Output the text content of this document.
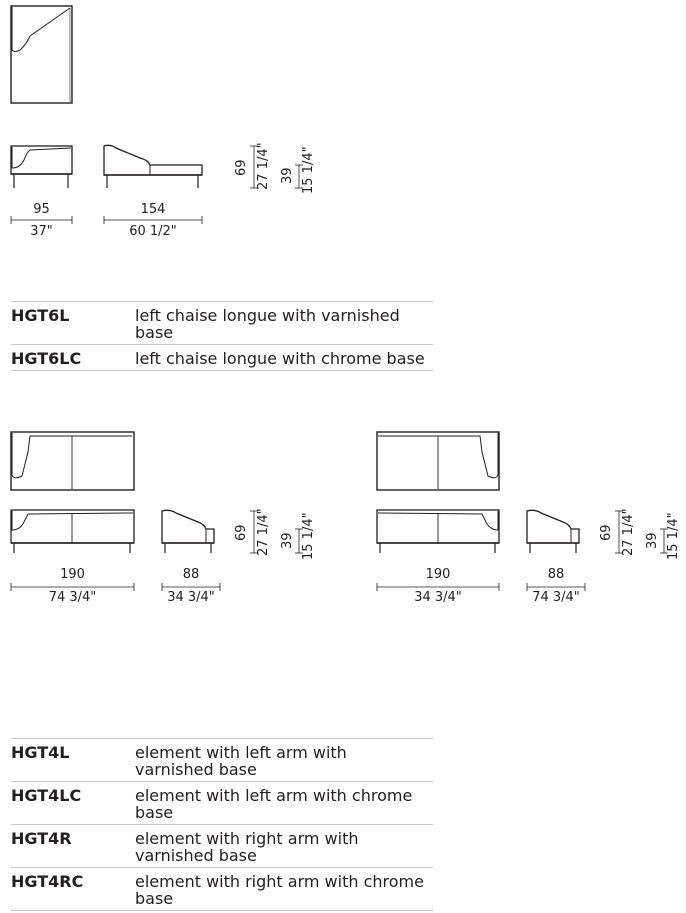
95
37"
154
60 1/2"
69 27 1/4" 39 15 1/4"
HGT6L	left chaise longue with varnished base
HGT6LC	left chaise longue with chrome base
190
74 3/4"
88
34 3/4"
69 27 1/4" 39 15 1/4"
190
34 3/4"
88
74 3/4"
69 27 1/4" 39 15 1/4"
HGT4L	element with left arm with varnished base
HGT4LC	element with left arm with chrome base
HGT4R	element with right arm with varnished base
HGT4RC	element with right arm with chrome base
